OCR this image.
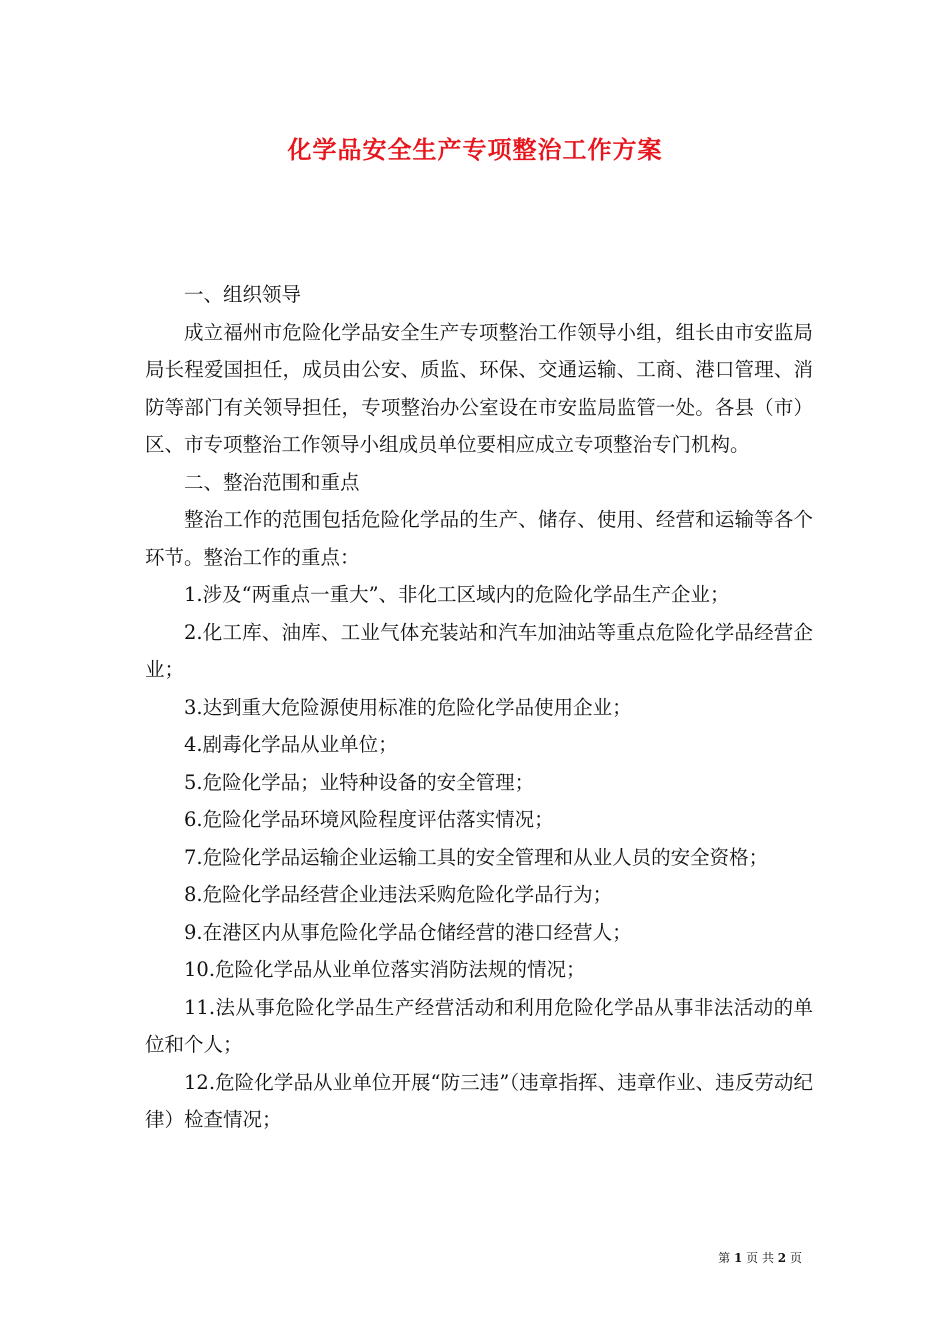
化学品安全生产专项整治工作方案

一、组织领导

成立福州市危险化学品安全生产专项整治工作领导小组，组长由市安监局局长程爱国担任，成员由公安、质监、环保、交通运输、工商、港口管理、消防等部门有关领导担任，专项整治办公室设在市安监局监管一处。各县（市）区、市专项整治工作领导小组成员单位要相应成立专项整治专门机构。

二、整治范围和重点

整治工作的范围包括危险化学品的生产、储存、使用、经营和运输等各个环节。整治工作的重点：

1.涉及“两重点一重大”、非化工区域内的危险化学品生产企业；

2.化工库、油库、工业气体充装站和汽车加油站等重点危险化学品经营企业；

3.达到重大危险源使用标准的危险化学品使用企业；

4.剧毒化学品从业单位；

5.危险化学品；业特种设备的安全管理；

6.危险化学品环境风险程度评估落实情况；

7.危险化学品运输企业运输工具的安全管理和从业人员的安全资格；

8.危险化学品经营企业违法采购危险化学品行为；

9.在港区内从事危险化学品仓储经营的港口经营人；

10.危险化学品从业单位落实消防法规的情况；

11.法从事危险化学品生产经营活动和利用危险化学品从事非法活动的单位和个人；

12.危险化学品从业单位开展“防三违”（违章指挥、违章作业、违反劳动纪律）检查情况；

第 1 页 共 2 页
